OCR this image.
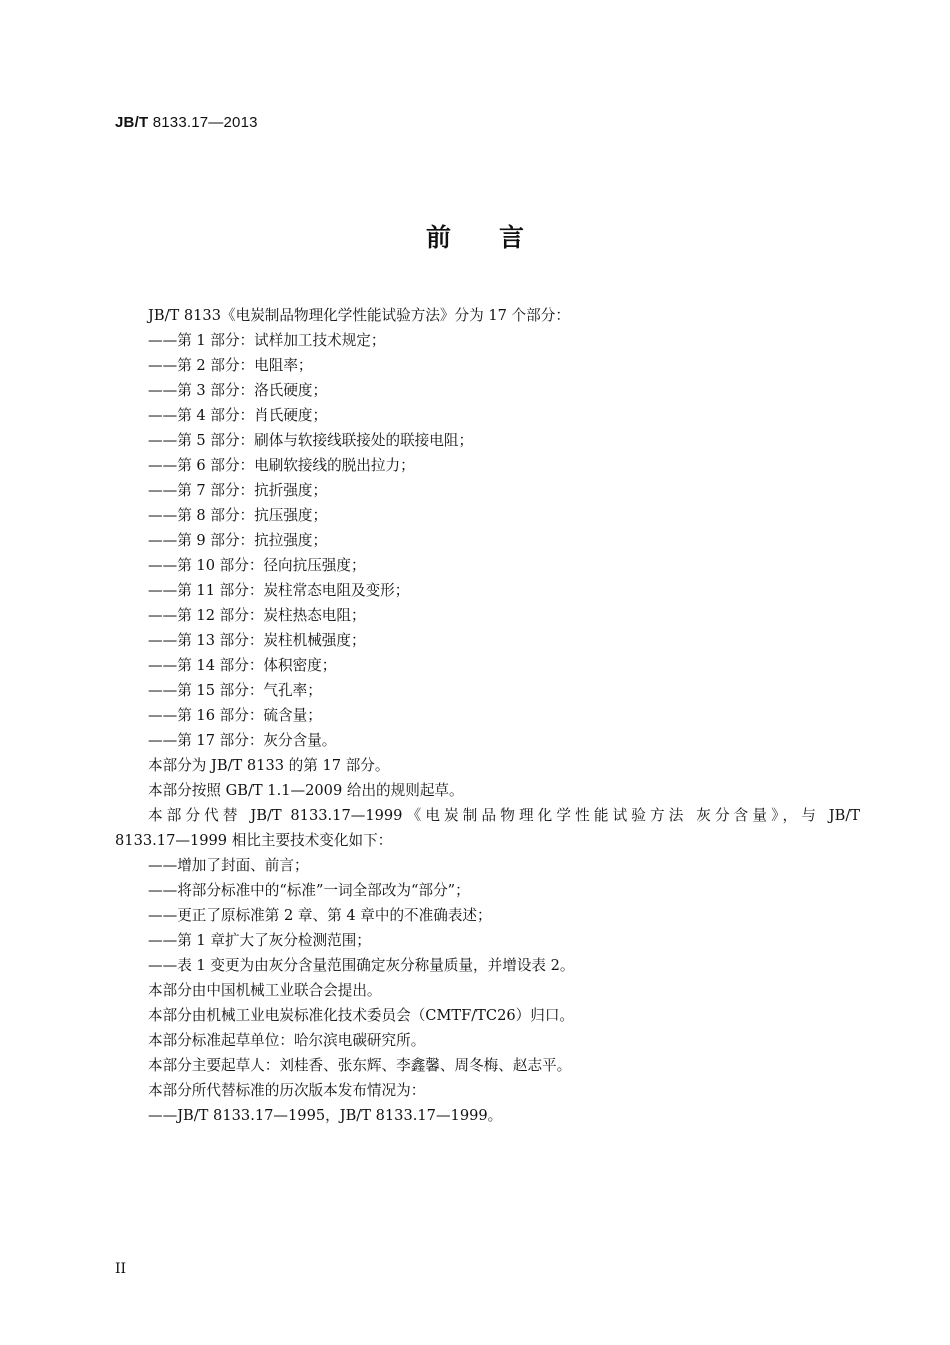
JB/T 8133.17—2013
前言
JB/T 8133《电炭制品物理化学性能试验方法》分为 17 个部分：
——第 1 部分：试样加工技术规定；
——第 2 部分：电阻率；
——第 3 部分：洛氏硬度；
——第 4 部分：肖氏硬度；
——第 5 部分：刷体与软接线联接处的联接电阻；
——第 6 部分：电刷软接线的脱出拉力；
——第 7 部分：抗折强度；
——第 8 部分：抗压强度；
——第 9 部分：抗拉强度；
——第 10 部分：径向抗压强度；
——第 11 部分：炭柱常态电阻及变形；
——第 12 部分：炭柱热态电阻；
——第 13 部分：炭柱机械强度；
——第 14 部分：体积密度；
——第 15 部分：气孔率；
——第 16 部分：硫含量；
——第 17 部分：灰分含量。
本部分为 JB/T 8133 的第 17 部分。
本部分按照 GB/T 1.1—2009 给出的规则起草。
本部分代替 JB/T 8133.17—1999《电炭制品物理化学性能试验方法 灰分含量》，与 JB/T
8133.17—1999 相比主要技术变化如下：
——增加了封面、前言；
——将部分标准中的“标准”一词全部改为“部分”；
——更正了原标准第 2 章、第 4 章中的不准确表述；
——第 1 章扩大了灰分检测范围；
——表 1 变更为由灰分含量范围确定灰分称量质量，并增设表 2。
本部分由中国机械工业联合会提出。
本部分由机械工业电炭标准化技术委员会（CMTF/TC26）归口。
本部分标准起草单位：哈尔滨电碳研究所。
本部分主要起草人：刘桂香、张东辉、李鑫馨、周冬梅、赵志平。
本部分所代替标准的历次版本发布情况为：
——JB/T 8133.17—1995，JB/T 8133.17—1999。
II
